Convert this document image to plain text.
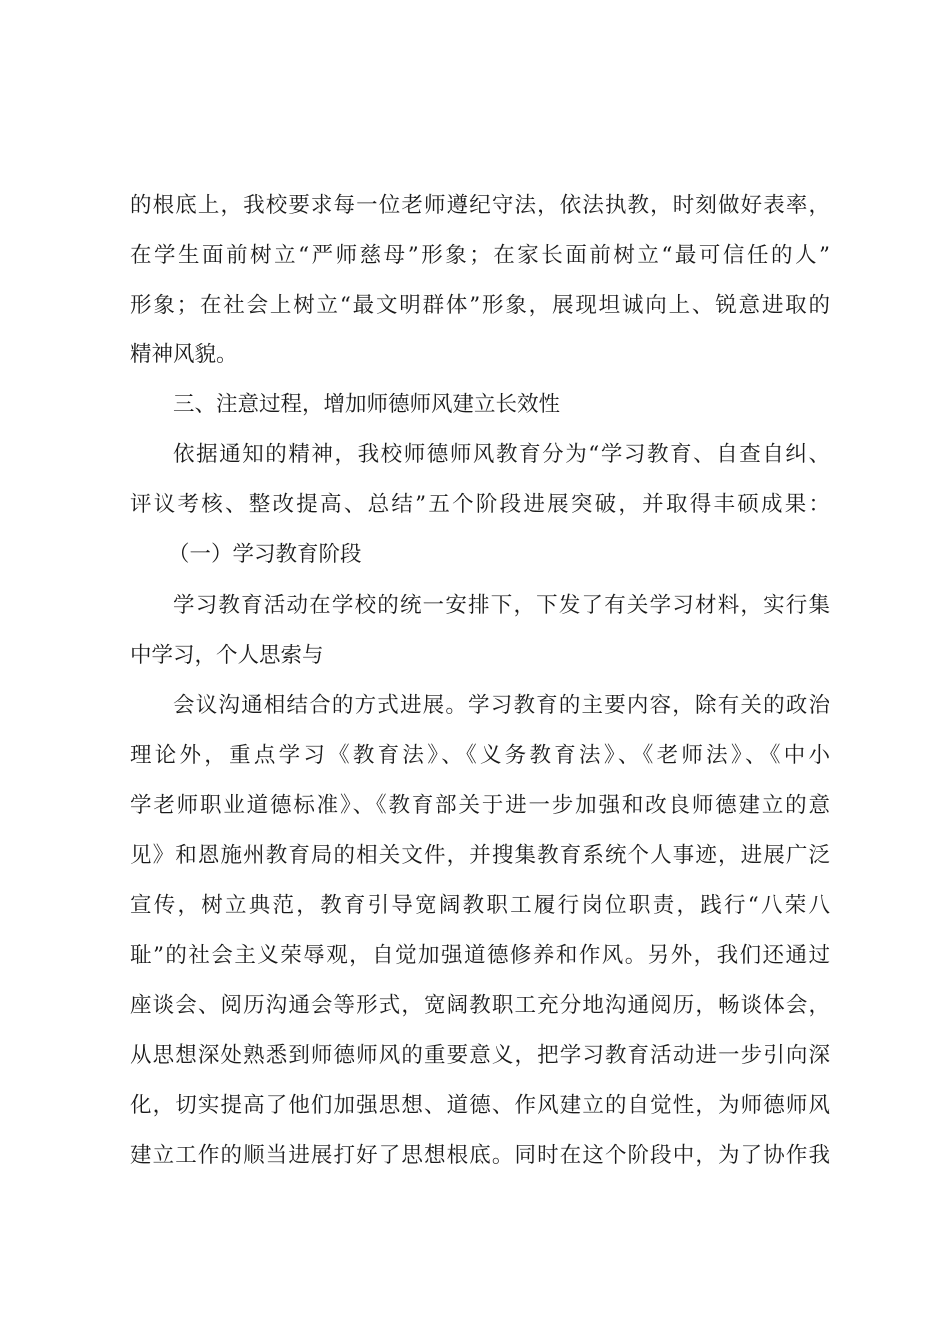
的根底上，我校要求每一位老师遵纪守法，依法执教，时刻做好表率，
在学生面前树立“严师慈母”形象；在家长面前树立“最可信任的人”
形象；在社会上树立“最文明群体”形象，展现坦诚向上、锐意进取的
精神风貌。
三、注意过程，增加师德师风建立长效性
依据通知的精神，我校师德师风教育分为“学习教育、自查自纠、
评议考核、整改提高、总结”五个阶段进展突破，并取得丰硕成果：
（一）学习教育阶段
学习教育活动在学校的统一安排下，下发了有关学习材料，实行集
中学习，个人思索与
会议沟通相结合的方式进展。学习教育的主要内容，除有关的政治
理论外，重点学习《教育法》、《义务教育法》、《老师法》、《中小
学老师职业道德标准》、《教育部关于进一步加强和改良师德建立的意
见》和恩施州教育局的相关文件，并搜集教育系统个人事迹，进展广泛
宣传，树立典范，教育引导宽阔教职工履行岗位职责，践行“八荣八
耻”的社会主义荣辱观，自觉加强道德修养和作风。另外，我们还通过
座谈会、阅历沟通会等形式，宽阔教职工充分地沟通阅历，畅谈体会，
从思想深处熟悉到师德师风的重要意义，把学习教育活动进一步引向深
化，切实提高了他们加强思想、道德、作风建立的自觉性，为师德师风
建立工作的顺当进展打好了思想根底。同时在这个阶段中，为了协作我
